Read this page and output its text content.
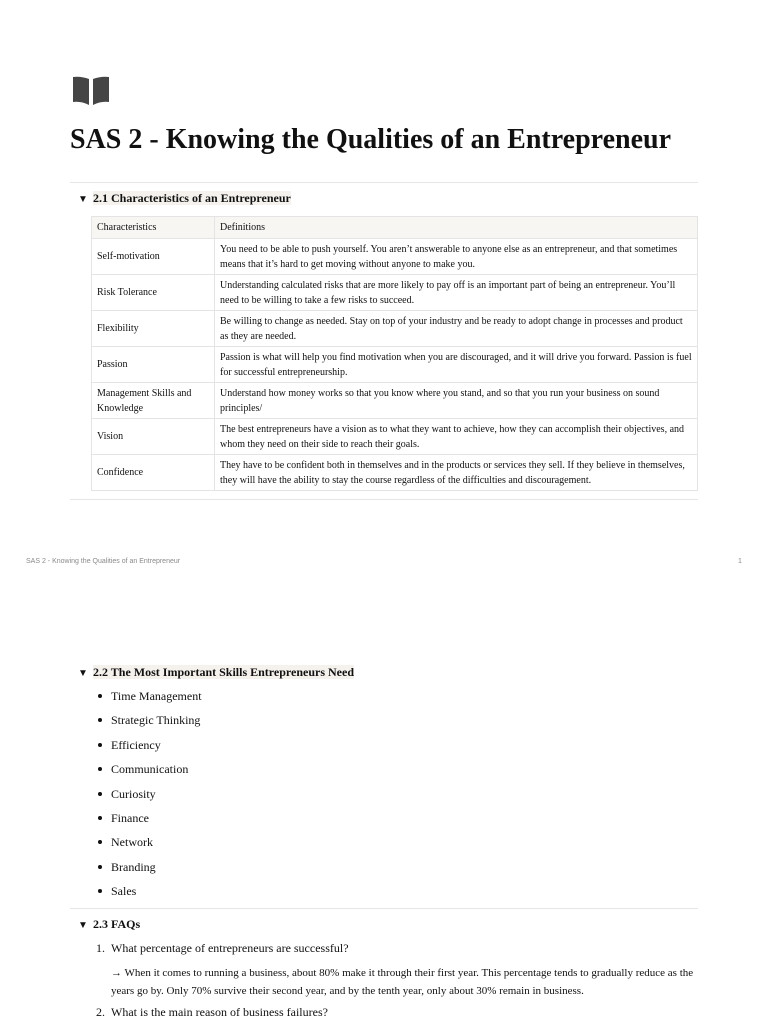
SAS 2 - Knowing the Qualities of an Entrepreneur
▼ 2.1 Characteristics of an Entrepreneur
Characteristics	Definitions
Self-motivation	You need to be able to push yourself. You aren’t answerable to anyone else as an entrepreneur, and that sometimes means that it’s hard to get moving without anyone to make you.
Risk Tolerance	Understanding calculated risks that are more likely to pay off is an important part of being an entrepreneur. You’ll need to be willing to take a few risks to succeed.
Flexibility	Be willing to change as needed. Stay on top of your industry and be ready to adopt change in processes and product as they are needed.
Passion	Passion is what will help you find motivation when you are discouraged, and it will drive you forward. Passion is fuel for successful entrepreneurship.
Management Skills and Knowledge	Understand how money works so that you know where you stand, and so that you run your business on sound principles/
Vision	The best entrepreneurs have a vision as to what they want to achieve, how they can accomplish their objectives, and whom they need on their side to reach their goals.
Confidence	They have to be confident both in themselves and in the products or services they sell. If they believe in themselves, they will have the ability to stay the course regardless of the difficulties and discouragement.
SAS 2 - Knowing the Qualities of an Entrepreneur	1
▼ 2.2 The Most Important Skills Entrepreneurs Need
Time Management
Strategic Thinking
Efficiency
Communication
Curiosity
Finance
Network
Branding
Sales
▼ 2.3 FAQs
1. What percentage of entrepreneurs are successful?
→ When it comes to running a business, about 80% make it through their first year. This percentage tends to gradually reduce as the years go by. Only 70% survive their second year, and by the tenth year, only about 30% remain in business.
2. What is the main reason of business failures?
